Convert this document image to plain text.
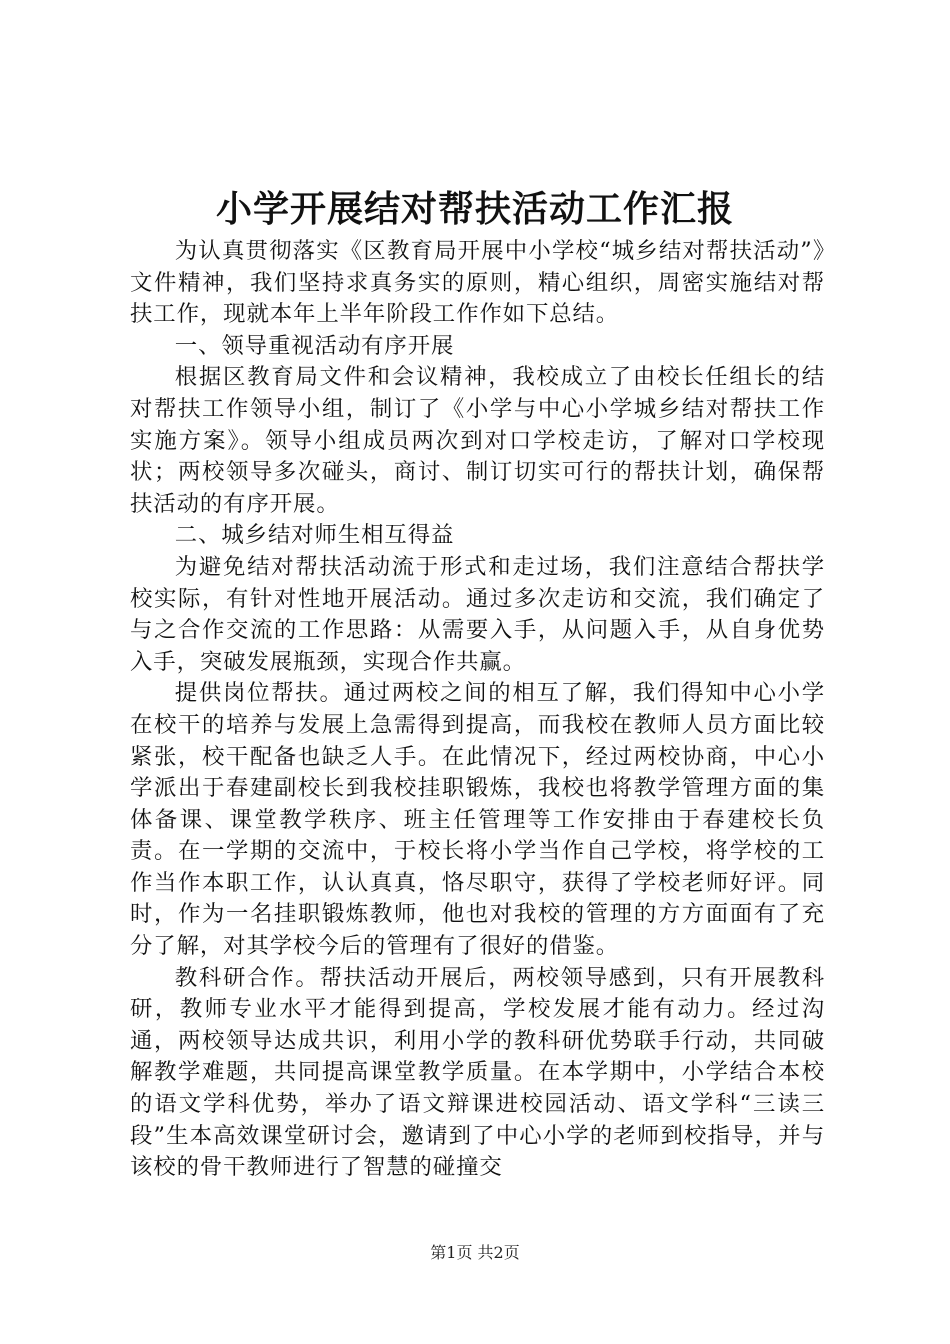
小学开展结对帮扶活动工作汇报

为认真贯彻落实《区教育局开展中小学校“城乡结对帮扶活动”》文件精神，我们坚持求真务实的原则，精心组织，周密实施结对帮扶工作，现就本年上半年阶段工作作如下总结。

一、领导重视活动有序开展

根据区教育局文件和会议精神，我校成立了由校长任组长的结对帮扶工作领导小组，制订了《小学与中心小学城乡结对帮扶工作实施方案》。领导小组成员两次到对口学校走访，了解对口学校现状；两校领导多次碰头，商讨、制订切实可行的帮扶计划，确保帮扶活动的有序开展。

二、城乡结对师生相互得益

为避免结对帮扶活动流于形式和走过场，我们注意结合帮扶学校实际，有针对性地开展活动。通过多次走访和交流，我们确定了与之合作交流的工作思路：从需要入手，从问题入手，从自身优势入手，突破发展瓶颈，实现合作共赢。

提供岗位帮扶。通过两校之间的相互了解，我们得知中心小学在校干的培养与发展上急需得到提高，而我校在教师人员方面比较紧张，校干配备也缺乏人手。在此情况下，经过两校协商，中心小学派出于春建副校长到我校挂职锻炼，我校也将教学管理方面的集体备课、课堂教学秩序、班主任管理等工作安排由于春建校长负责。在一学期的交流中，于校长将小学当作自己学校，将学校的工作当作本职工作，认认真真，恪尽职守，获得了学校老师好评。同时，作为一名挂职锻炼教师，他也对我校的管理的方方面面有了充分了解，对其学校今后的管理有了很好的借鉴。

教科研合作。帮扶活动开展后，两校领导感到，只有开展教科研，教师专业水平才能得到提高，学校发展才能有动力。经过沟通，两校领导达成共识，利用小学的教科研优势联手行动，共同破解教学难题，共同提高课堂教学质量。在本学期中，小学结合本校的语文学科优势，举办了语文辩课进校园活动、语文学科“三读三段”生本高效课堂研讨会，邀请到了中心小学的老师到校指导，并与该校的骨干教师进行了智慧的碰撞交

第1页 共2页
